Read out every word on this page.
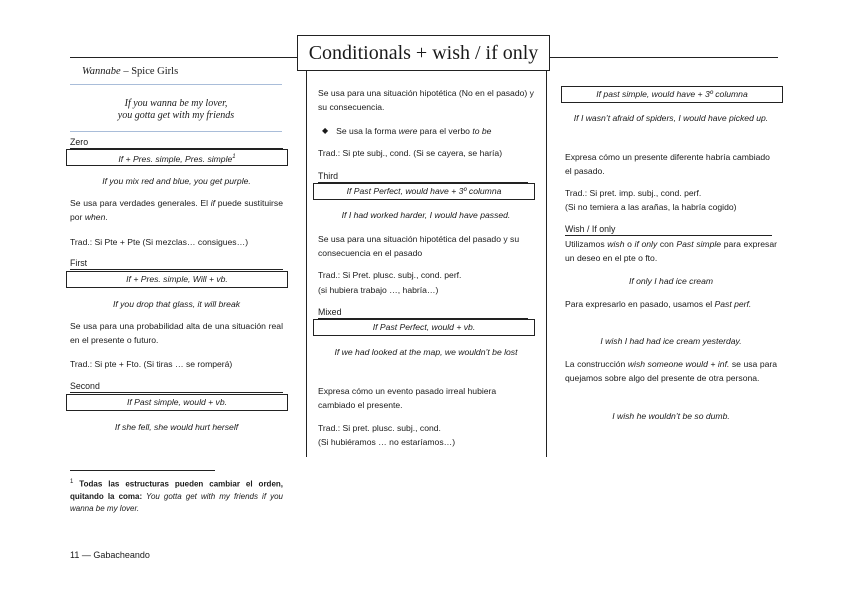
Conditionals + wish / if only
Wannabe – Spice Girls
If you wanna be my lover,
you gotta get with my friends
Zero
If + Pres. simple, Pres. simple$^1$
If you mix red and blue, you get purple.
Se usa para verdades generales. El if puede sustituirse por when.
Trad.: Si Pte + Pte (Si mezclas… consigues…)
First
If + Pres. simple, Will + vb.
If you drop that glass, it will break
Se usa para una probabilidad alta de una situación real en el presente o futuro.
Trad.: Si pte + Fto. (Si tiras … se romperá)
Second
If Past simple, would + vb.
If she fell, she would hurt herself
$^1$ Todas las estructuras pueden cambiar el orden, quitando la coma: You gotta get with my friends if you wanna be my lover.
11 — Gabacheando
Se usa para una situación hipotética (No en el pasado) y su consecuencia.
◆ Se usa la forma were para el verbo to be
Trad.: Si pte subj., cond. (Si se cayera, se haría)
Third
If Past Perfect, would have + 3º columna
If I had worked harder, I would have passed.
Se usa para una situación hipotética del pasado y su consecuencia en el pasado
Trad.: Si Pret. plusc. subj., cond. perf.
(si hubiera trabajo …, habría…)
Mixed
If Past Perfect, would + vb.
If we had looked at the map, we wouldn’t be lost
Expresa cómo un evento pasado irreal hubiera cambiado el presente.
Trad.: Si pret. plusc. subj., cond.
(Si hubiéramos … no estaríamos…)
If past simple, would have + 3º columna
If I wasn’t afraid of spiders, I would have picked up.
Expresa cómo un presente diferente habría cambiado el pasado.
Trad.: Si pret. imp. subj., cond. perf.
(Si no temiera a las arañas, la habría cogido)
Wish / If only
Utilizamos wish o if only con Past simple para expresar un deseo en el pte o fto.
If only I had ice cream
Para expresarlo en pasado, usamos el Past perf.
I wish I had had ice cream yesterday.
La construcción wish someone would + inf. se usa para quejamos sobre algo del presente de otra persona.
I wish he wouldn’t be so dumb.
